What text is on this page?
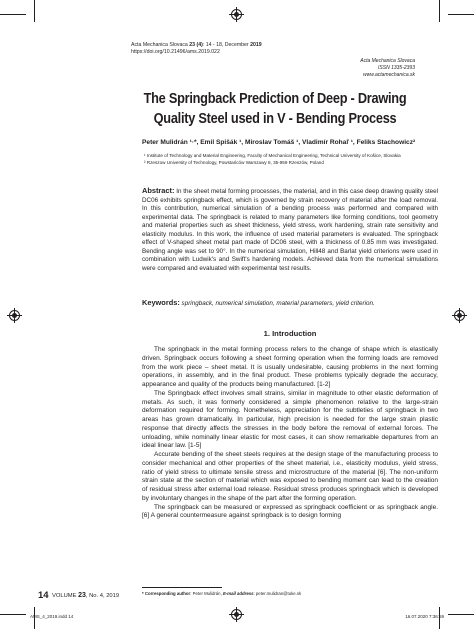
Acta Mechanica Slovaca 23 (4): 14 - 18, December 2019
https://doi.org/10.21496/ams.2019.022
Acta Mechanica Slovaca
ISSN 1335-2393
www.actamechanica.sk
The Springback Prediction of Deep - Drawing
Quality Steel used in V - Bending Process
Peter Mulidrán ¹·*, Emil Spišák ¹, Miroslav Tomáš ¹, Vladimír Rohaľ ¹, Feliks Stachowicz²
¹ Institute of Technology and Material Engineering, Faculty of Mechanical Engineering, Technical University of Košice, Slovakia
² Rzeszow University of Technology, Powstańców Warszawy 8, 35-959 Rzeszów, Poland
Abstract: In the sheet metal forming processes, the material, and in this case deep drawing quality steel DC06 exhibits springback effect, which is governed by strain recovery of material after the load removal. In this contribution, numerical simulation of a bending process was performed and compared with experimental data. The springback is related to many parameters like forming conditions, tool geometry and material properties such as sheet thickness, yield stress, work hardening, strain rate sensitivity and elasticity modulus. In this work, the influence of used material parameters is evaluated. The springback effect of V-shaped sheet metal part made of DC06 steel, with a thickness of 0.85 mm was investigated. Bending angle was set to 90°. In the numerical simulation, Hill48 and Barlat yield criterions were used in combination with Ludwik's and Swift's hardening models. Achieved data from the numerical simulations were compared and evaluated with experimental test results.
Keywords: springback, numerical simulation, material parameters, yield criterion.
1. Introduction

The springback in the metal forming process refers to the change of shape which is elastically driven. Springback occurs following a sheet forming operation when the forming loads are removed from the work piece – sheet metal. It is usually undesirable, causing problems in the next forming operations, in assembly, and in the final product. These problems typically degrade the accuracy, appearance and quality of the products being manufactured. [1-2]

The Springback effect involves small strains, similar in magnitude to other elastic deformation of metals. As such, it was formerly considered a simple phenomenon relative to the large-strain deformation required for forming. Nonetheless, appreciation for the subtleties of springback in two areas has grown dramatically. In particular, high precision is needed for the large strain plastic response that directly affects the stresses in the body before the removal of external forces. The unloading, while nominally linear elastic for most cases, it can show remarkable departures from an ideal linear law. [1-5]

Accurate bending of the sheet steels requires at the design stage of the manufacturing process to consider mechanical and other properties of the sheet material, i.e., elasticity modulus, yield stress, ratio of yield stress to ultimate tensile stress and microstructure of the material [6]. The non-uniform strain state at the section of material which was exposed to bending moment can lead to the creation of residual stress after external load release. Residual stress produces springback which is developed by involuntary changes in the shape of the part after the forming operation.

The springback can be measured or expressed as springback coefficient or as springback angle. [6] A general countermeasure against springback is to design forming

14 VOLUME 23, No. 4, 2019	* Corresponding author: Peter Mulidrán, E-mail address: peter.mulidran@tuke.sk
AMS_4_2019.indd 14	16.07.2020 7:36:59
